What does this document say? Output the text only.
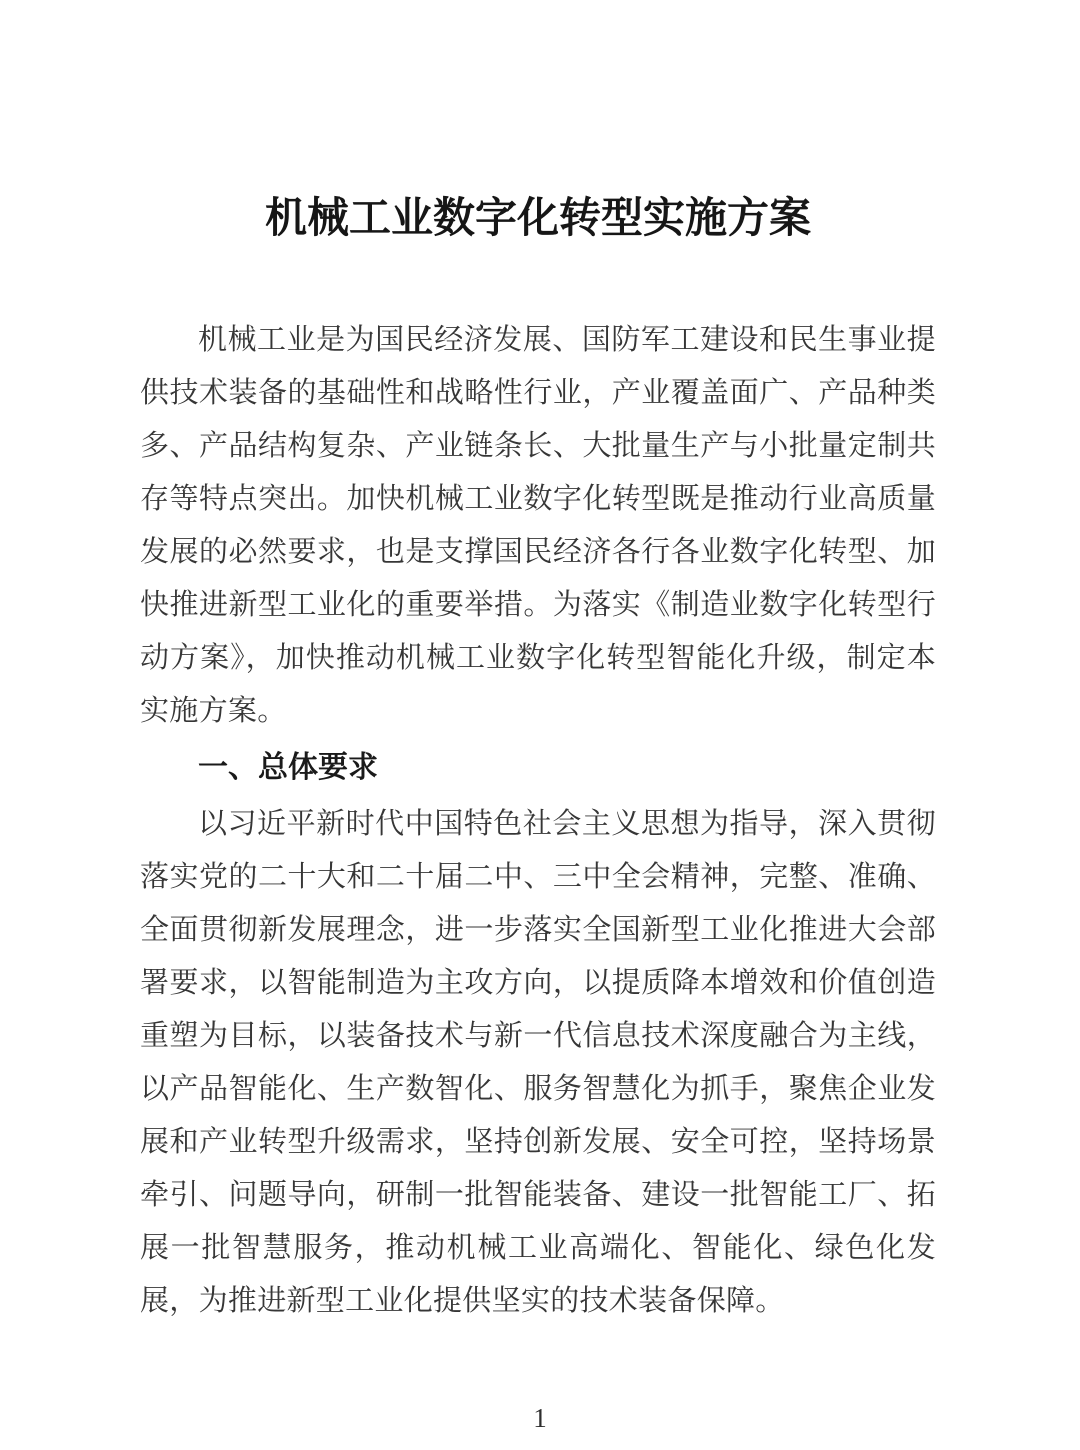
机械工业数字化转型实施方案

机械工业是为国民经济发展、国防军工建设和民生事业提供技术装备的基础性和战略性行业，产业覆盖面广、产品种类多、产品结构复杂、产业链条长、大批量生产与小批量定制共存等特点突出。加快机械工业数字化转型既是推动行业高质量发展的必然要求，也是支撑国民经济各行各业数字化转型、加快推进新型工业化的重要举措。为落实《制造业数字化转型行动方案》，加快推动机械工业数字化转型智能化升级，制定本实施方案。

一、总体要求

以习近平新时代中国特色社会主义思想为指导，深入贯彻落实党的二十大和二十届二中、三中全会精神，完整、准确、全面贯彻新发展理念，进一步落实全国新型工业化推进大会部署要求，以智能制造为主攻方向，以提质降本增效和价值创造重塑为目标，以装备技术与新一代信息技术深度融合为主线，以产品智能化、生产数智化、服务智慧化为抓手，聚焦企业发展和产业转型升级需求，坚持创新发展、安全可控，坚持场景牵引、问题导向，研制一批智能装备、建设一批智能工厂、拓展一批智慧服务，推动机械工业高端化、智能化、绿色化发展，为推进新型工业化提供坚实的技术装备保障。

1
